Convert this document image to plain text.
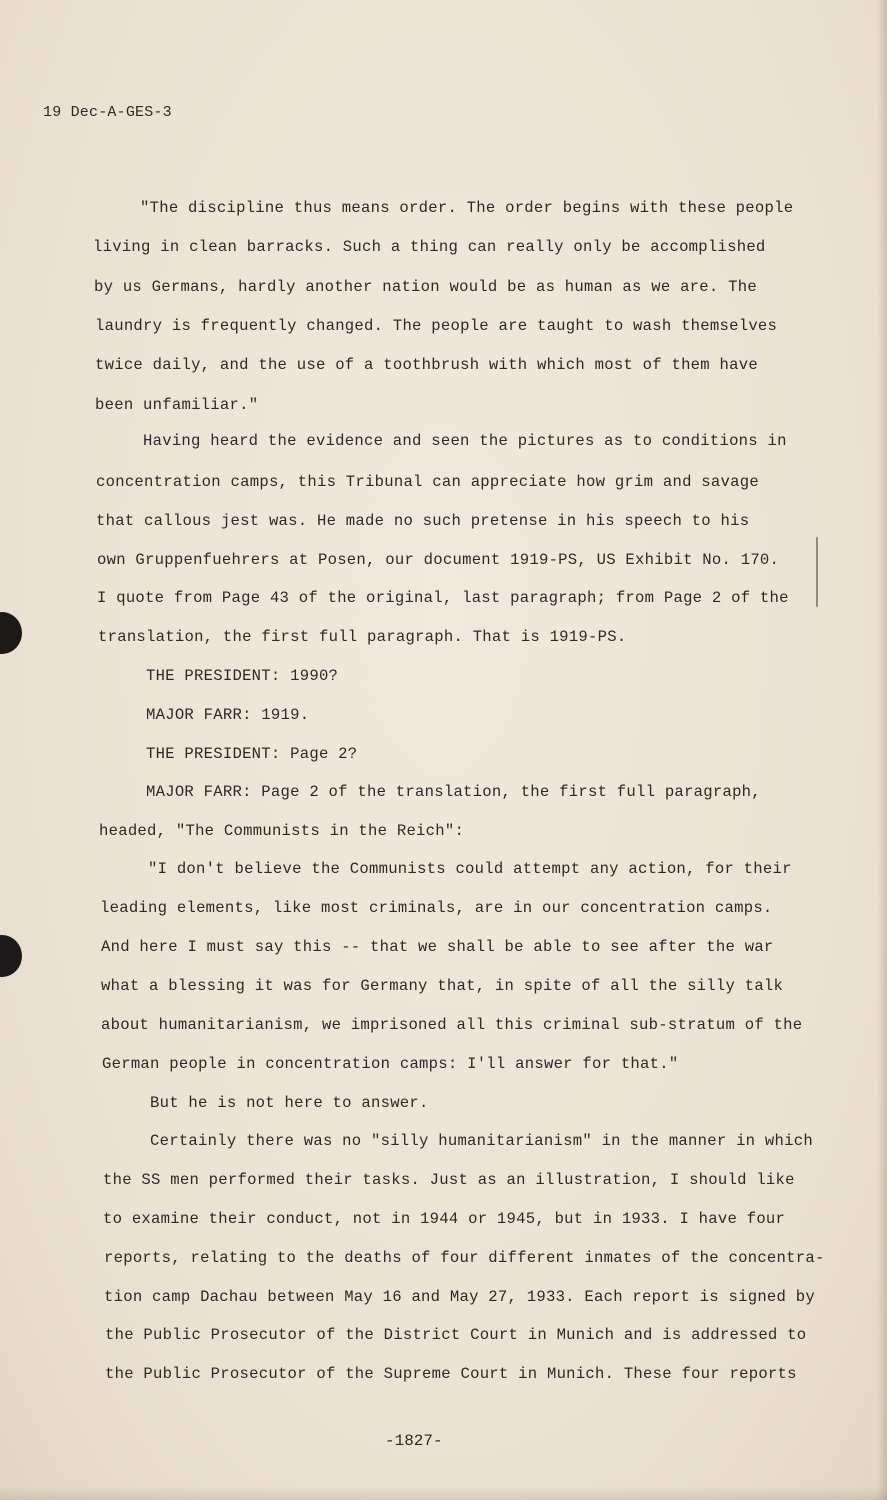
19 Dec-A-GES-3
"The discipline thus means order. The order begins with these people
living in clean barracks. Such a thing can really only be accomplished
by us Germans, hardly another nation would be as human as we are. The
laundry is frequently changed. The people are taught to wash themselves
twice daily, and the use of a toothbrush with which most of them have
been unfamiliar."
Having heard the evidence and seen the pictures as to conditions in
concentration camps, this Tribunal can appreciate how grim and savage
that callous jest was. He made no such pretense in his speech to his
own Gruppenfuehrers at Posen, our document 1919-PS, US Exhibit No. 170.
I quote from Page 43 of the original, last paragraph; from Page 2 of the
translation, the first full paragraph. That is 1919-PS.
THE PRESIDENT: 1990?
MAJOR FARR: 1919.
THE PRESIDENT: Page 2?
MAJOR FARR: Page 2 of the translation, the first full paragraph,
headed, "The Communists in the Reich":
"I don't believe the Communists could attempt any action, for their
leading elements, like most criminals, are in our concentration camps.
And here I must say this -- that we shall be able to see after the war
what a blessing it was for Germany that, in spite of all the silly talk
about humanitarianism, we imprisoned all this criminal sub-stratum of the
German people in concentration camps: I'll answer for that."
But he is not here to answer.
Certainly there was no "silly humanitarianism" in the manner in which
the SS men performed their tasks. Just as an illustration, I should like
to examine their conduct, not in 1944 or 1945, but in 1933. I have four
reports, relating to the deaths of four different inmates of the concentra-
tion camp Dachau between May 16 and May 27, 1933. Each report is signed by
the Public Prosecutor of the District Court in Munich and is addressed to
the Public Prosecutor of the Supreme Court in Munich. These four reports
-1827-
